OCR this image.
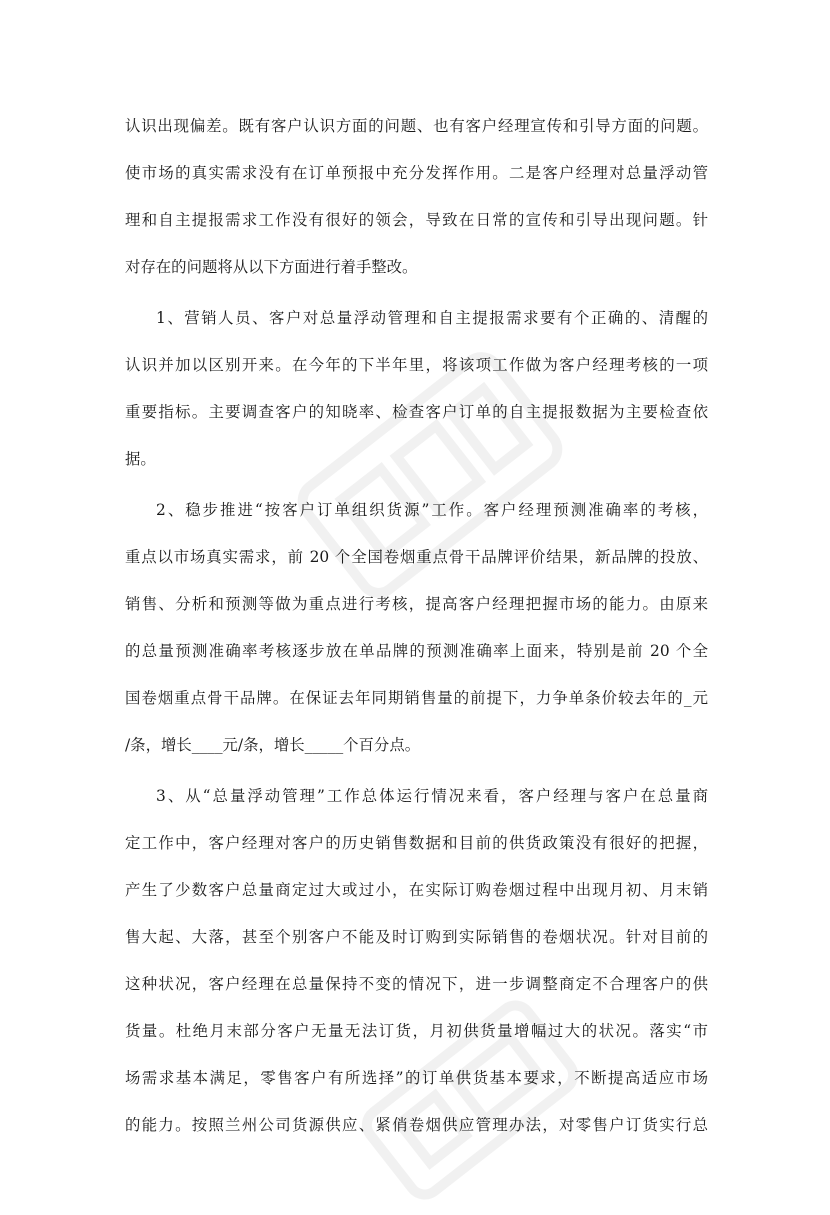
认识出现偏差。既有客户认识方面的问题、也有客户经理宣传和引导方面的问题。
使市场的真实需求没有在订单预报中充分发挥作用。二是客户经理对总量浮动管
理和自主提报需求工作没有很好的领会，导致在日常的宣传和引导出现问题。针
对存在的问题将从以下方面进行着手整改。
1、营销人员、客户对总量浮动管理和自主提报需求要有个正确的、清醒的
认识并加以区别开来。在今年的下半年里，将该项工作做为客户经理考核的一项
重要指标。主要调查客户的知晓率、检查客户订单的自主提报数据为主要检查依
据。
2、稳步推进“按客户订单组织货源”工作。客户经理预测准确率的考核，
重点以市场真实需求，前 20 个全国卷烟重点骨干品牌评价结果，新品牌的投放、
销售、分析和预测等做为重点进行考核，提高客户经理把握市场的能力。由原来
的总量预测准确率考核逐步放在单品牌的预测准确率上面来，特别是前 20 个全
国卷烟重点骨干品牌。在保证去年同期销售量的前提下，力争单条价较去年的_元
/条，增长____元/条，增长_____个百分点。
3、从“总量浮动管理”工作总体运行情况来看，客户经理与客户在总量商
定工作中，客户经理对客户的历史销售数据和目前的供货政策没有很好的把握，
产生了少数客户总量商定过大或过小，在实际订购卷烟过程中出现月初、月末销
售大起、大落，甚至个别客户不能及时订购到实际销售的卷烟状况。针对目前的
这种状况，客户经理在总量保持不变的情况下，进一步调整商定不合理客户的供
货量。杜绝月末部分客户无量无法订货，月初供货量增幅过大的状况。落实“市
场需求基本满足，零售客户有所选择”的订单供货基本要求，不断提高适应市场
的能力。按照兰州公司货源供应、紧俏卷烟供应管理办法，对零售户订货实行总
